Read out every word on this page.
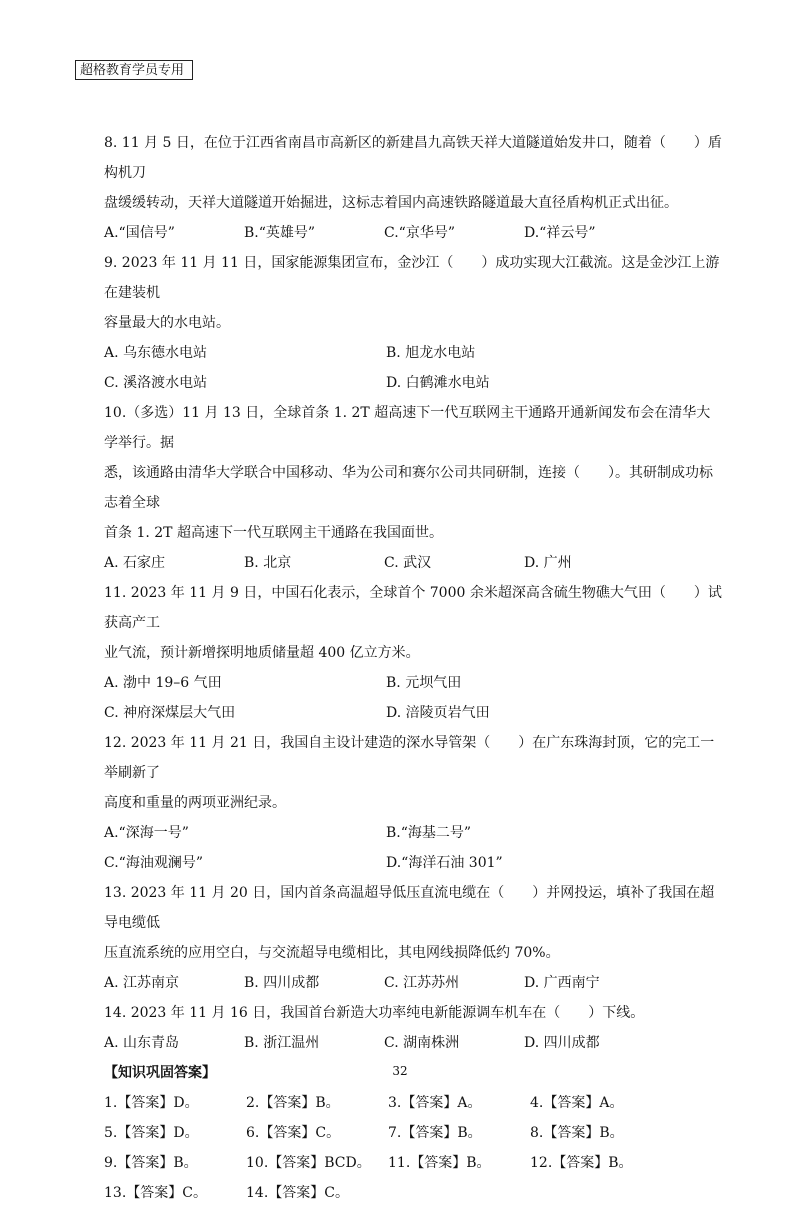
超格教育学员专用
8. 11 月 5 日，在位于江西省南昌市高新区的新建昌九高铁天祥大道隧道始发井口，随着（　　）盾构机刀
盘缓缓转动，天祥大道隧道开始掘进，这标志着国内高速铁路隧道最大直径盾构机正式出征。
A.“国信号”	B.“英雄号”	C.“京华号”	D.“祥云号”
9. 2023 年 11 月 11 日，国家能源集团宣布，金沙江（　　）成功实现大江截流。这是金沙江上游在建装机
容量最大的水电站。
A. 乌东德水电站	B. 旭龙水电站
C. 溪洛渡水电站	D. 白鹤滩水电站
10.（多选）11 月 13 日，全球首条 1. 2T 超高速下一代互联网主干通路开通新闻发布会在清华大学举行。据
悉，该通路由清华大学联合中国移动、华为公司和赛尔公司共同研制，连接（　　）。其研制成功标志着全球
首条 1. 2T 超高速下一代互联网主干通路在我国面世。
A. 石家庄	B. 北京	C. 武汉	D. 广州
11. 2023 年 11 月 9 日，中国石化表示，全球首个 7000 余米超深高含硫生物礁大气田（　　）试获高产工
业气流，预计新增探明地质储量超 400 亿立方米。
A. 渤中 19–6 气田	B. 元坝气田
C. 神府深煤层大气田	D. 涪陵页岩气田
12. 2023 年 11 月 21 日，我国自主设计建造的深水导管架（　　）在广东珠海封顶，它的完工一举刷新了
高度和重量的两项亚洲纪录。
A.“深海一号”	B.“海基二号”
C.“海油观澜号”	D.“海洋石油 301”
13. 2023 年 11 月 20 日，国内首条高温超导低压直流电缆在（　　）并网投运，填补了我国在超导电缆低
压直流系统的应用空白，与交流超导电缆相比，其电网线损降低约 70%。
A. 江苏南京	B. 四川成都	C. 江苏苏州	D. 广西南宁
14. 2023 年 11 月 16 日，我国首台新造大功率纯电新能源调车机车在（　　）下线。
A. 山东青岛	B. 浙江温州	C. 湖南株洲	D. 四川成都
【知识巩固答案】
1.【答案】D。	2.【答案】B。	3.【答案】A。	4.【答案】A。
5.【答案】D。	6.【答案】C。	7.【答案】B。	8.【答案】B。
9.【答案】B。	10.【答案】BCD。	11.【答案】B。	12.【答案】B。
13.【答案】C。	14.【答案】C。
32
